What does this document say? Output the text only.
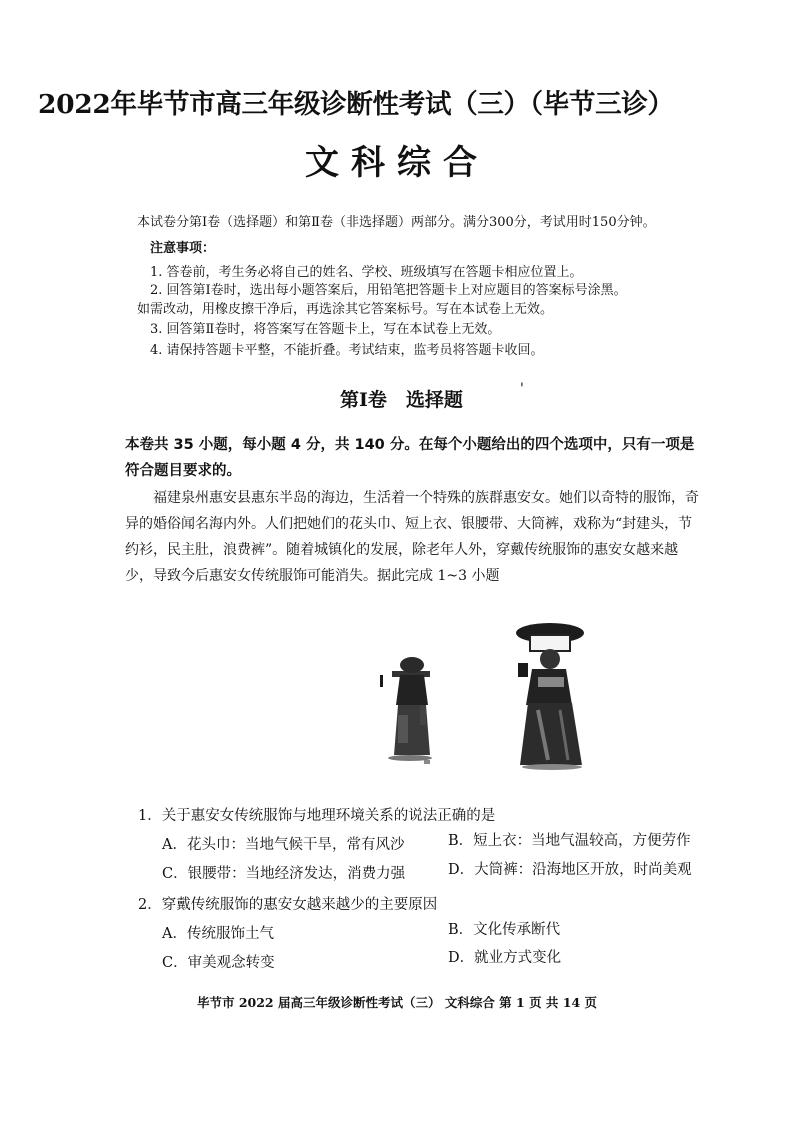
2022年毕节市高三年级诊断性考试（三）（毕节三诊）
文科综合
本试卷分第Ⅰ卷（选择题）和第Ⅱ卷（非选择题）两部分。满分300分，考试用时150分钟。
注意事项：
1. 答卷前，考生务必将自己的姓名、学校、班级填写在答题卡相应位置上。
2. 回答第Ⅰ卷时，选出每小题答案后，用铅笔把答题卡上对应题目的答案标号涂黑。
如需改动，用橡皮擦干净后，再选涂其它答案标号。写在本试卷上无效。
3. 回答第Ⅱ卷时，将答案写在答题卡上，写在本试卷上无效。
4. 请保持答题卡平整，不能折叠。考试结束，监考员将答题卡收回。
第Ⅰ卷　选择题	'
本卷共 35 小题，每小题 4 分，共 140 分。在每个小题给出的四个选项中，只有一项是符合题目要求的。
福建泉州惠安县惠东半岛的海边，生活着一个特殊的族群惠安女。她们以奇特的服饰，奇异的婚俗闻名海内外。人们把她们的花头巾、短上衣、银腰带、大筒裤，戏称为“封建头，节约衫，民主肚，浪费裤”。随着城镇化的发展，除老年人外，穿戴传统服饰的惠安女越来越少，导致今后惠安女传统服饰可能消失。据此完成 1~3 小题
1．关于惠安女传统服饰与地理环境关系的说法正确的是
A．花头巾：当地气候干旱，常有风沙	B．短上衣：当地气温较高，方便劳作
C．银腰带：当地经济发达，消费力强	D．大筒裤：沿海地区开放，时尚美观
2．穿戴传统服饰的惠安女越来越少的主要原因
A．传统服饰土气	B．文化传承断代
C．审美观念转变	D．就业方式变化
毕节市 2022 届高三年级诊断性考试（三） 文科综合 第 1 页 共 14 页
